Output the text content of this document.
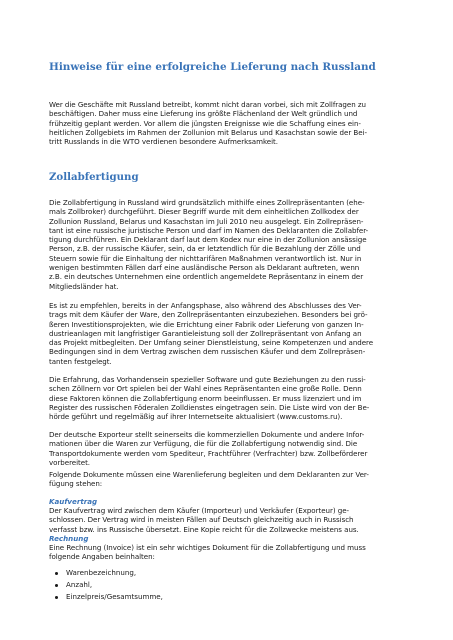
Hinweise für eine erfolgreiche Lieferung nach Russland
Wer die Geschäfte mit Russland betreibt, kommt nicht daran vorbei, sich mit Zollfragen zu
beschäftigen. Daher muss eine Lieferung ins größte Flächenland der Welt gründlich und
frühzeitig geplant werden. Vor allem die jüngsten Ereignisse wie die Schaffung eines ein-
heitlichen Zollgebiets im Rahmen der Zollunion mit Belarus und Kasachstan sowie der Bei-
tritt Russlands in die WTO verdienen besondere Aufmerksamkeit.
Zollabfertigung
Die Zollabfertigung in Russland wird grundsätzlich mithilfe eines Zollrepräsentanten (ehe-
mals Zollbroker) durchgeführt. Dieser Begriff wurde mit dem einheitlichen Zollkodex der
Zollunion Russland, Belarus und Kasachstan im Juli 2010 neu ausgelegt. Ein Zollrepräsen-
tant ist eine russische juristische Person und darf im Namen des Deklaranten die Zollabfer-
tigung durchführen. Ein Deklarant darf laut dem Kodex nur eine in der Zollunion ansässige
Person, z.B. der russische Käufer, sein, da er letztendlich für die Bezahlung der Zölle und
Steuern sowie für die Einhaltung der nichttarifären Maßnahmen verantwortlich ist. Nur in
wenigen bestimmten Fällen darf eine ausländische Person als Deklarant auftreten, wenn
z.B. ein deutsches Unternehmen eine ordentlich angemeldete Repräsentanz in einem der
Mitgliedsländer hat.
Es ist zu empfehlen, bereits in der Anfangsphase, also während des Abschlusses des Ver-
trags mit dem Käufer der Ware, den Zollrepräsentanten einzubeziehen. Besonders bei grö-
ßeren Investitionsprojekten, wie die Errichtung einer Fabrik oder Lieferung von ganzen In-
dustrieanlagen mit langfristiger Garantieleistung soll der Zollrepräsentant von Anfang an
das Projekt mitbegleiten. Der Umfang seiner Dienstleistung, seine Kompetenzen und andere
Bedingungen sind in dem Vertrag zwischen dem russischen Käufer und dem Zollrepräsen-
tanten festgelegt.
Die Erfahrung, das Vorhandensein spezieller Software und gute Beziehungen zu den russi-
schen Zöllnern vor Ort spielen bei der Wahl eines Repräsentanten eine große Rolle. Denn
diese Faktoren können die Zollabfertigung enorm beeinflussen. Er muss lizenziert und im
Register des russischen Föderalen Zolldienstes eingetragen sein. Die Liste wird von der Be-
hörde geführt und regelmäßig auf ihrer Internetseite aktualisiert (www.customs.ru).
Der deutsche Exporteur stellt seinerseits die kommerziellen Dokumente und andere Infor-
mationen über die Waren zur Verfügung, die für die Zollabfertigung notwendig sind. Die
Transportdokumente werden vom Spediteur, Frachtführer (Verfrachter) bzw. Zollbeförderer
vorbereitet.
Folgende Dokumente müssen eine Warenlieferung begleiten und dem Deklaranten zur Ver-
fügung stehen:
Kaufvertrag
Der Kaufvertrag wird zwischen dem Käufer (Importeur) und Verkäufer (Exporteur) ge-
schlossen. Der Vertrag wird in meisten Fällen auf Deutsch gleichzeitig auch in Russisch
verfasst bzw. ins Russische übersetzt. Eine Kopie reicht für die Zollzwecke meistens aus.
Rechnung
Eine Rechnung (Invoice) ist ein sehr wichtiges Dokument für die Zollabfertigung und muss
folgende Angaben beinhalten:
Warenbezeichnung,
Anzahl,
Einzelpreis/Gesamtsumme,
